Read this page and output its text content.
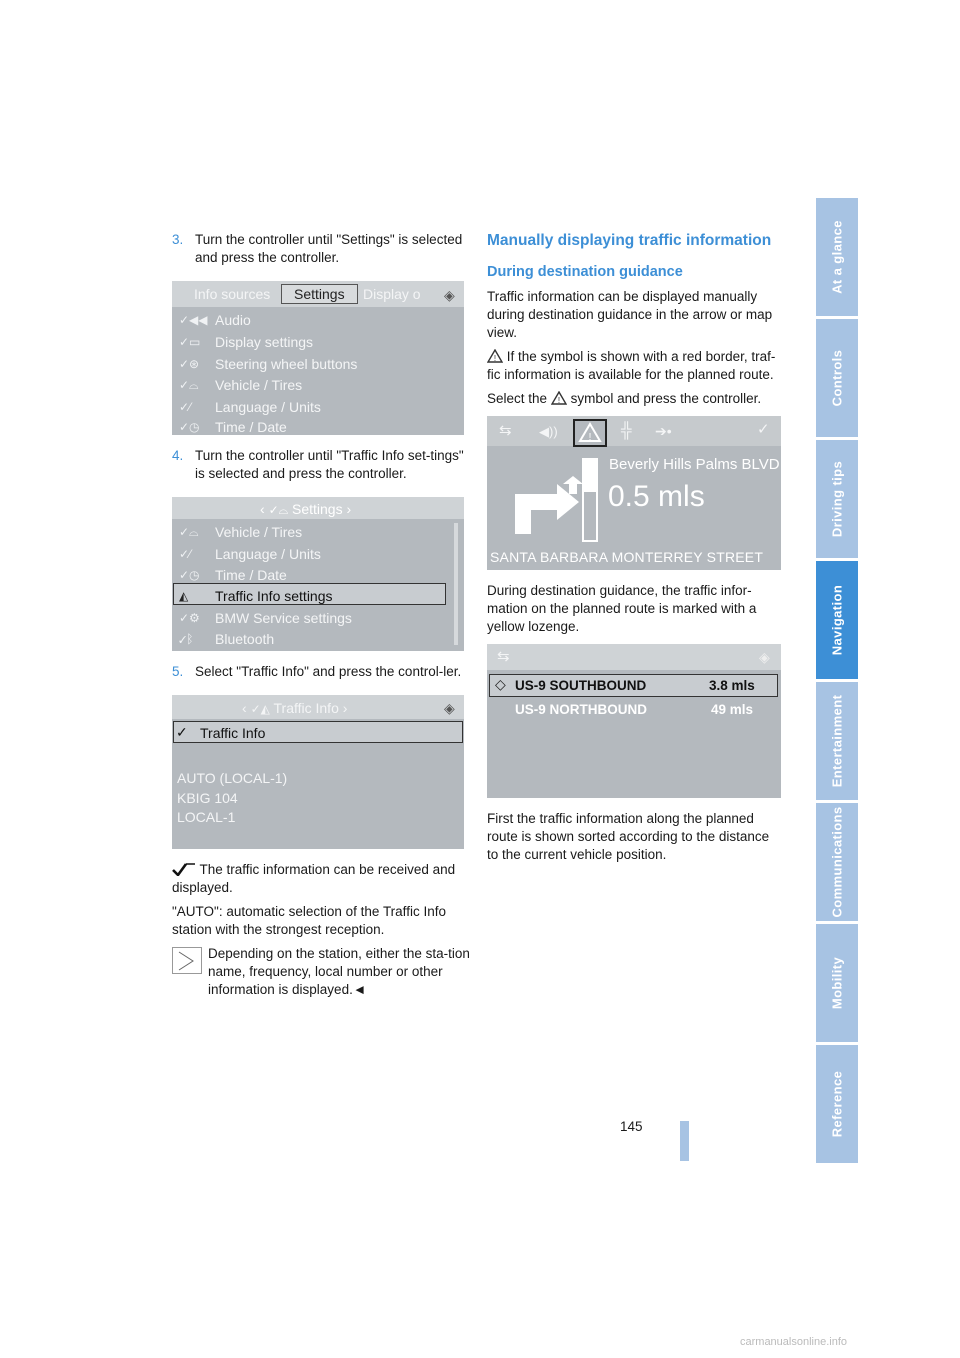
3. Turn the controller until "Settings" is selected and press the controller.
Info sources	Settings	Display o ◈
✓◀◀ Audio
✓▭	Display settings
✓⊛	Steering wheel buttons
✓⌓	Vehicle / Tires
✓⁄	Language / Units
✓◷	Time / Date
4. Turn the controller until "Traffic Info set-tings" is selected and press the controller.
‹ ✓⌓ Settings ›
✓⌓	Vehicle / Tires
✓⁄	Language / Units
✓◷	Time / Date
◭	Traffic Info settings
✓⚙	BMW Service settings
✓ᛒ	Bluetooth
5. Select "Traffic Info" and press the control-ler.
‹ ✓◭ Traffic Info ›	◈
✓ Traffic Info
AUTO (LOCAL-1)
KBIG 104
LOCAL-1

The traffic information can be received and displayed.

"AUTO": automatic selection of the Traffic Info station with the strongest reception.

Depending on the station, either the sta-tion name, frequency, local number or other information is displayed.◄
Manually displaying traffic information
During destination guidance

Traffic information can be displayed manually during destination guidance in the arrow or map view.

! If the symbol is shown with a red border, traf-fic information is available for the planned route.

Select the ! symbol and press the controller.

⇆ ◀))	! ╬ ➔•	✓
Beverly Hills Palms BLVD
0.5 mls
SANTA BARBARA MONTERREY STREET

During destination guidance, the traffic infor-mation on the planned route is marked with a yellow lozenge.

⇆	◈
◇ US-9 SOUTHBOUND	3.8 mls
US-9 NORTHBOUND	49 mls

First the traffic information along the planned route is shown sorted according to the distance to the current vehicle position.

At a glance
Controls
Driving tips
Navigation
Entertainment
Communications
Mobility
Reference
145
carmanualsonline.info
